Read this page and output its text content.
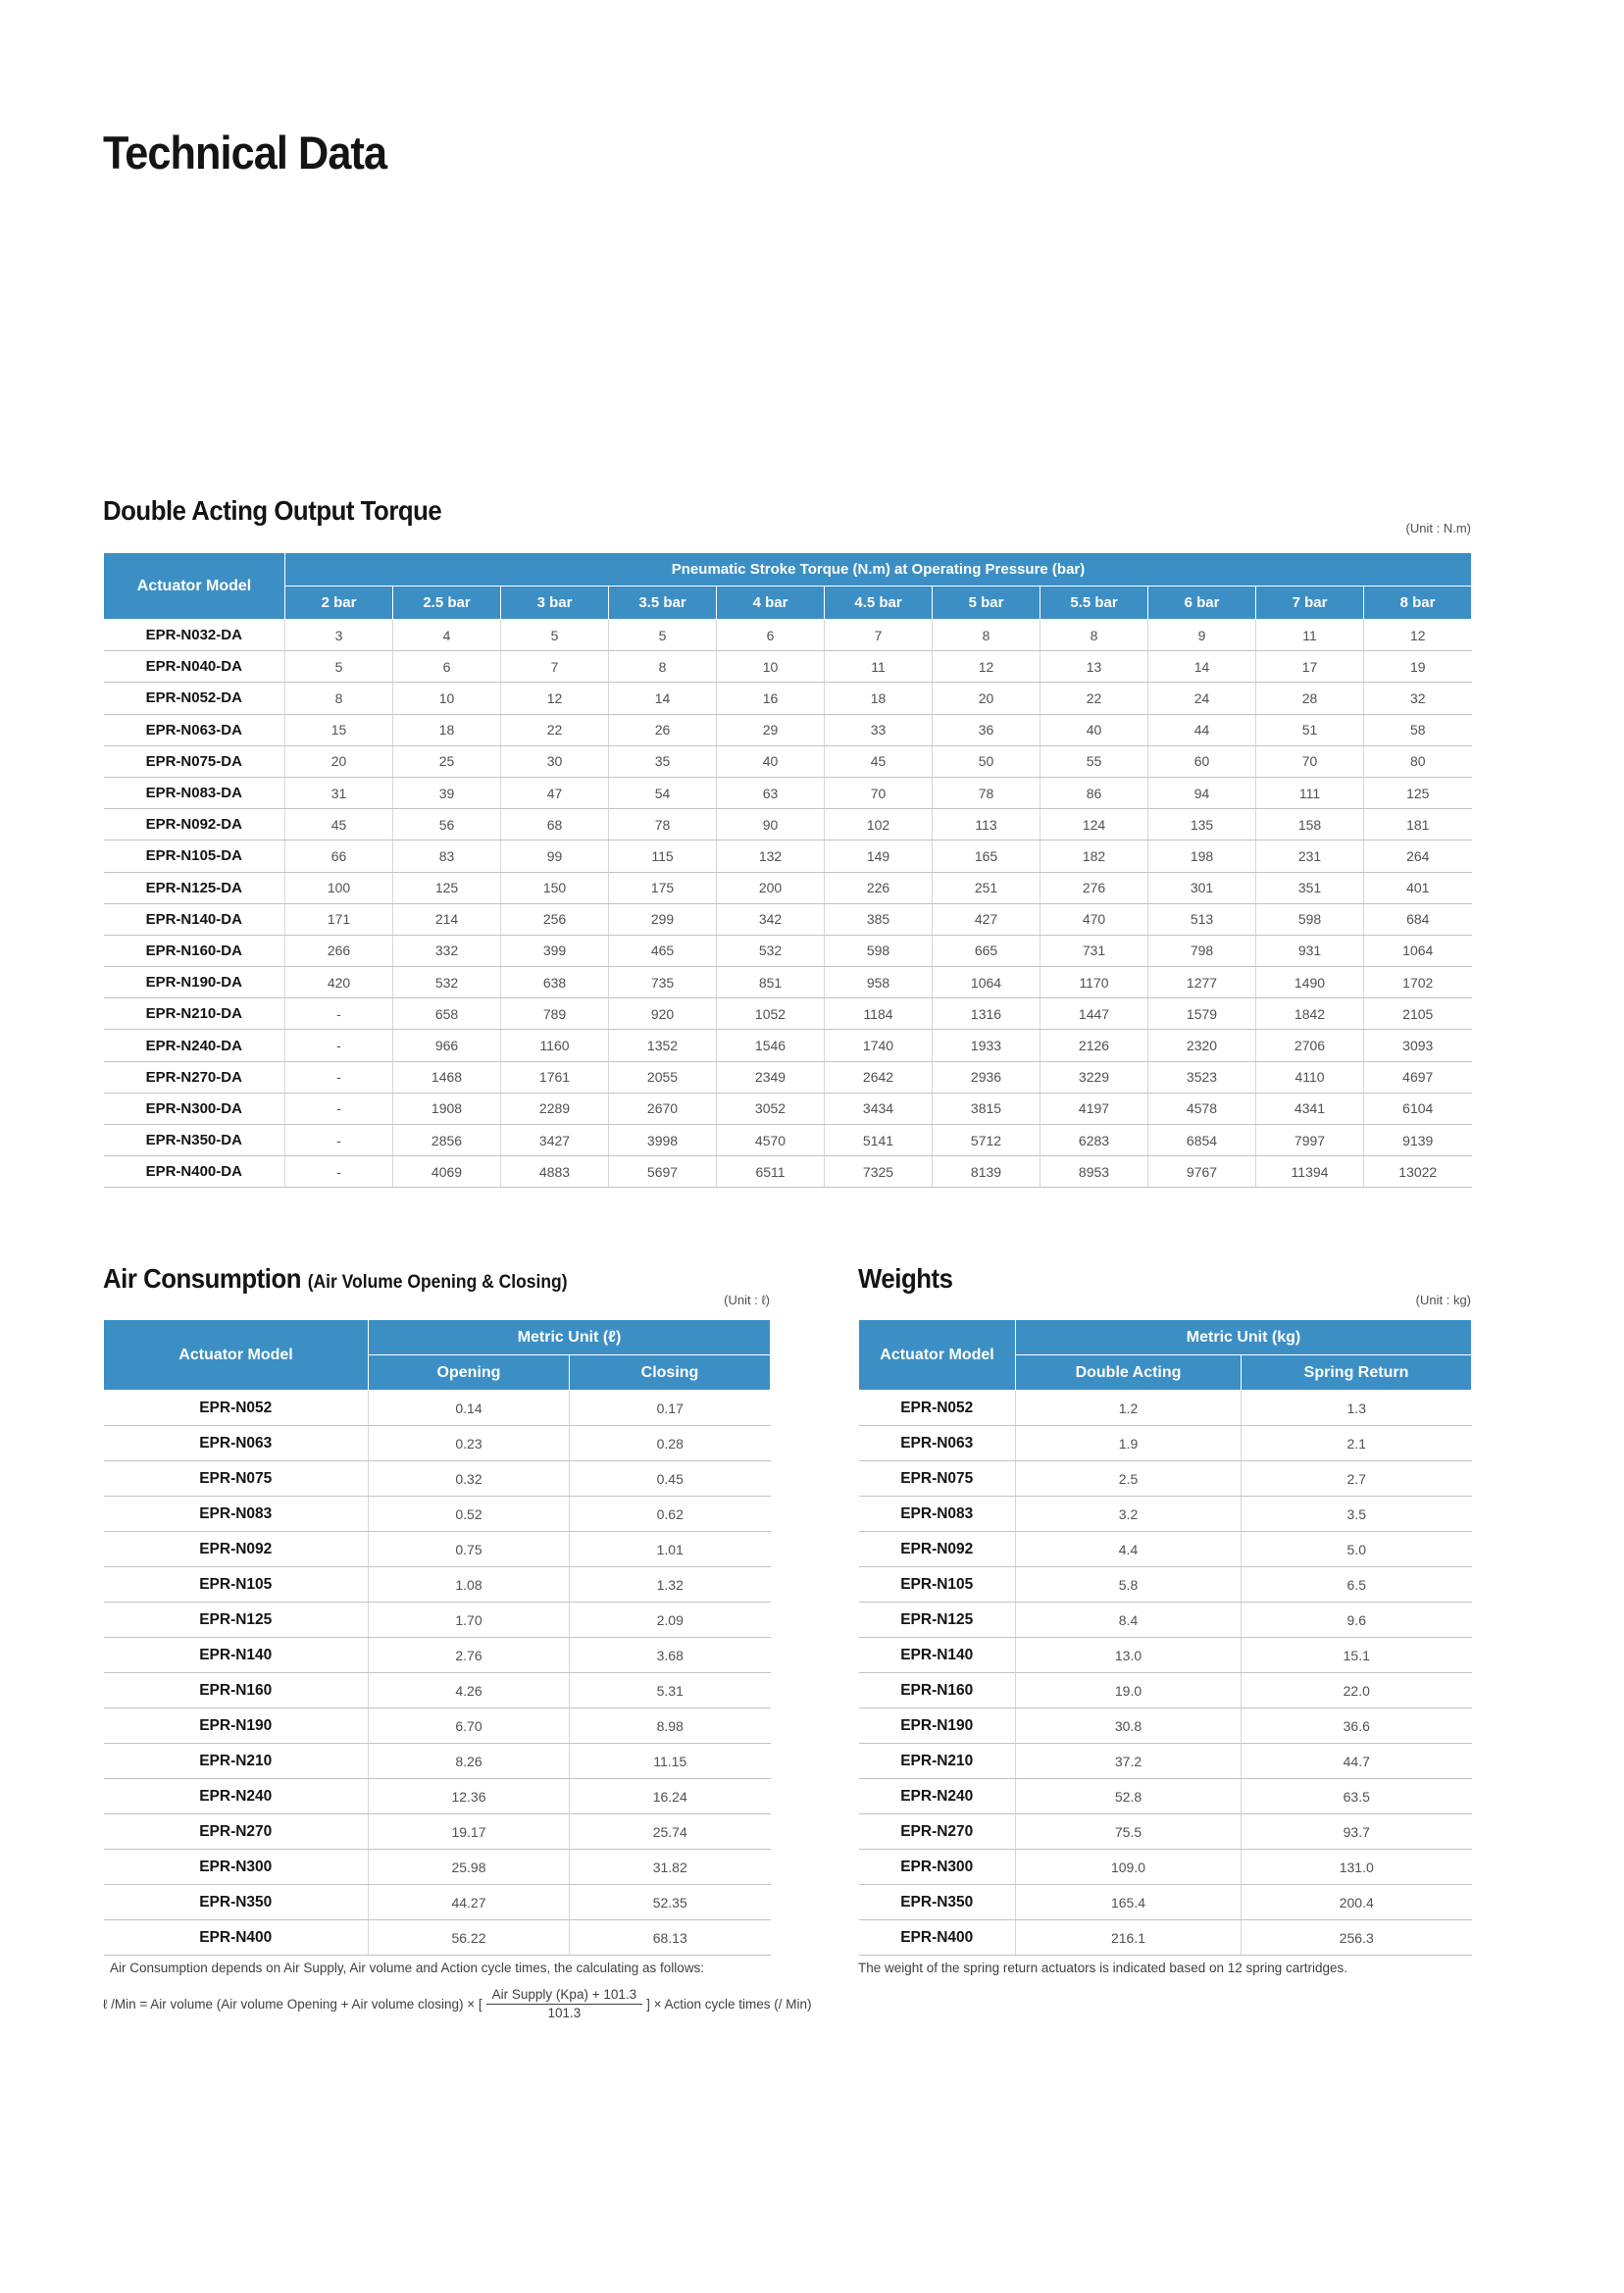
Technical Data
Double Acting Output Torque
(Unit : N.m)
Actuator Model	Pneumatic Stroke Torque (N.m) at Operating Pressure (bar)										
	2 bar	2.5 bar	3 bar	3.5 bar	4 bar	4.5 bar	5 bar	5.5 bar	6 bar	7 bar	8 bar
EPR-N032-DA	3	4	5	5	6	7	8	8	9	11	12
EPR-N040-DA	5	6	7	8	10	11	12	13	14	17	19
EPR-N052-DA	8	10	12	14	16	18	20	22	24	28	32
EPR-N063-DA	15	18	22	26	29	33	36	40	44	51	58
EPR-N075-DA	20	25	30	35	40	45	50	55	60	70	80
EPR-N083-DA	31	39	47	54	63	70	78	86	94	111	125
EPR-N092-DA	45	56	68	78	90	102	113	124	135	158	181
EPR-N105-DA	66	83	99	115	132	149	165	182	198	231	264
EPR-N125-DA	100	125	150	175	200	226	251	276	301	351	401
EPR-N140-DA	171	214	256	299	342	385	427	470	513	598	684
EPR-N160-DA	266	332	399	465	532	598	665	731	798	931	1064
EPR-N190-DA	420	532	638	735	851	958	1064	1170	1277	1490	1702
EPR-N210-DA	-	658	789	920	1052	1184	1316	1447	1579	1842	2105
EPR-N240-DA	-	966	1160	1352	1546	1740	1933	2126	2320	2706	3093
EPR-N270-DA	-	1468	1761	2055	2349	2642	2936	3229	3523	4110	4697
EPR-N300-DA	-	1908	2289	2670	3052	3434	3815	4197	4578	4341	6104
EPR-N350-DA	-	2856	3427	3998	4570	5141	5712	6283	6854	7997	9139
EPR-N400-DA	-	4069	4883	5697	6511	7325	8139	8953	9767	11394	13022
Air Consumption (Air Volume Opening & Closing)
(Unit : ℓ)
Actuator Model	Metric Unit (ℓ)	
	Opening	Closing
EPR-N052	0.14	0.17
EPR-N063	0.23	0.28
EPR-N075	0.32	0.45
EPR-N083	0.52	0.62
EPR-N092	0.75	1.01
EPR-N105	1.08	1.32
EPR-N125	1.70	2.09
EPR-N140	2.76	3.68
EPR-N160	4.26	5.31
EPR-N190	6.70	8.98
EPR-N210	8.26	11.15
EPR-N240	12.36	16.24
EPR-N270	19.17	25.74
EPR-N300	25.98	31.82
EPR-N350	44.27	52.35
EPR-N400	56.22	68.13
Air Consumption depends on Air Supply, Air volume and Action cycle times, the calculating as follows:
ℓ /Min = Air volume (Air volume Opening + Air volume closing) × [ $\frac{\text{Air Supply (Kpa) + 101.3}}{101.3}$ ] × Action cycle times (/ Min)
Weights
(Unit : kg)
Actuator Model	Metric Unit (kg)	
	Double Acting	Spring Return
EPR-N052	1.2	1.3
EPR-N063	1.9	2.1
EPR-N075	2.5	2.7
EPR-N083	3.2	3.5
EPR-N092	4.4	5.0
EPR-N105	5.8	6.5
EPR-N125	8.4	9.6
EPR-N140	13.0	15.1
EPR-N160	19.0	22.0
EPR-N190	30.8	36.6
EPR-N210	37.2	44.7
EPR-N240	52.8	63.5
EPR-N270	75.5	93.7
EPR-N300	109.0	131.0
EPR-N350	165.4	200.4
EPR-N400	216.1	256.3
The weight of the spring return actuators is indicated based on 12 spring cartridges.
